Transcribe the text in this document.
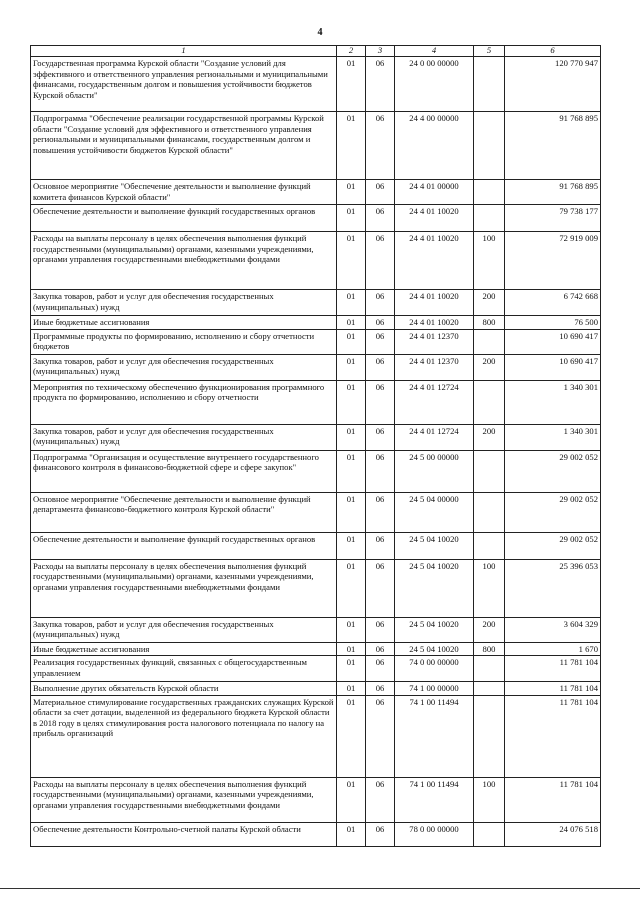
4
1	2	3	4	5	6
Государственная программа Курской области "Создание условий для эффективного и ответственного управления региональными и муниципальными финансами, государственным долгом и повышения устойчивости бюджетов Курской области"	01	06	24 0 00 00000		120 770 947
Подпрограмма "Обеспечение реализации государственной программы Курской области "Создание условий для эффективного и ответственного управления региональными и муниципальными финансами, государственным долгом и повышения устойчивости бюджетов Курской области"	01	06	24 4 00 00000		91 768 895
Основное мероприятие "Обеспечение деятельности и выполнение функций комитета финансов Курской области"	01	06	24 4 01 00000		91 768 895
Обеспечение деятельности и выполнение функций государственных органов	01	06	24 4 01 10020		79 738 177
Расходы на выплаты персоналу в целях обеспечения выполнения функций государственными (муниципальными) органами, казенными учреждениями, органами управления государственными внебюджетными фондами	01	06	24 4 01 10020	100	72 919 009
Закупка товаров, работ и услуг для обеспечения государственных (муниципальных) нужд	01	06	24 4 01 10020	200	6 742 668
Иные бюджетные ассигнования	01	06	24 4 01 10020	800	76 500
Программные продукты по формированию, исполнению и сбору отчетности бюджетов	01	06	24 4 01 12370		10 690 417
Закупка товаров, работ и услуг для обеспечения государственных (муниципальных) нужд	01	06	24 4 01 12370	200	10 690 417
Мероприятия по техническому обеспечению функционирования программного продукта по формированию, исполнению и сбору отчетности	01	06	24 4 01 12724		1 340 301
Закупка товаров, работ и услуг для обеспечения государственных (муниципальных) нужд	01	06	24 4 01 12724	200	1 340 301
Подпрограмма "Организация и осуществление внутреннего государственного финансового контроля в финансово-бюджетной сфере и сфере закупок"	01	06	24 5 00 00000		29 002 052
Основное мероприятие "Обеспечение деятельности и выполнение функций департамента финансово-бюджетного контроля Курской области"	01	06	24 5 04 00000		29 002 052
Обеспечение деятельности и выполнение функций государственных органов	01	06	24 5 04 10020		29 002 052
Расходы на выплаты персоналу в целях обеспечения выполнения функций государственными (муниципальными) органами, казенными учреждениями, органами управления государственными внебюджетными фондами	01	06	24 5 04 10020	100	25 396 053
Закупка товаров, работ и услуг для обеспечения государственных (муниципальных) нужд	01	06	24 5 04 10020	200	3 604 329
Иные бюджетные ассигнования	01	06	24 5 04 10020	800	1 670
Реализация государственных функций, связанных с общегосударственным управлением	01	06	74 0 00 00000		11 781 104
Выполнение других обязательств Курской области	01	06	74 1 00 00000		11 781 104
Материальное стимулирование государственных гражданских служащих Курской области за счет дотации, выделенной из федерального бюджета Курской области в 2018 году в целях стимулирования роста налогового потенциала по налогу на прибыль организаций	01	06	74 1 00 11494		11 781 104
Расходы на выплаты персоналу в целях обеспечения выполнения функций государственными (муниципальными) органами, казенными учреждениями, органами управления государственными внебюджетными фондами	01	06	74 1 00 11494	100	11 781 104
Обеспечение деятельности Контрольно-счетной палаты Курской области	01	06	78 0 00 00000		24 076 518
